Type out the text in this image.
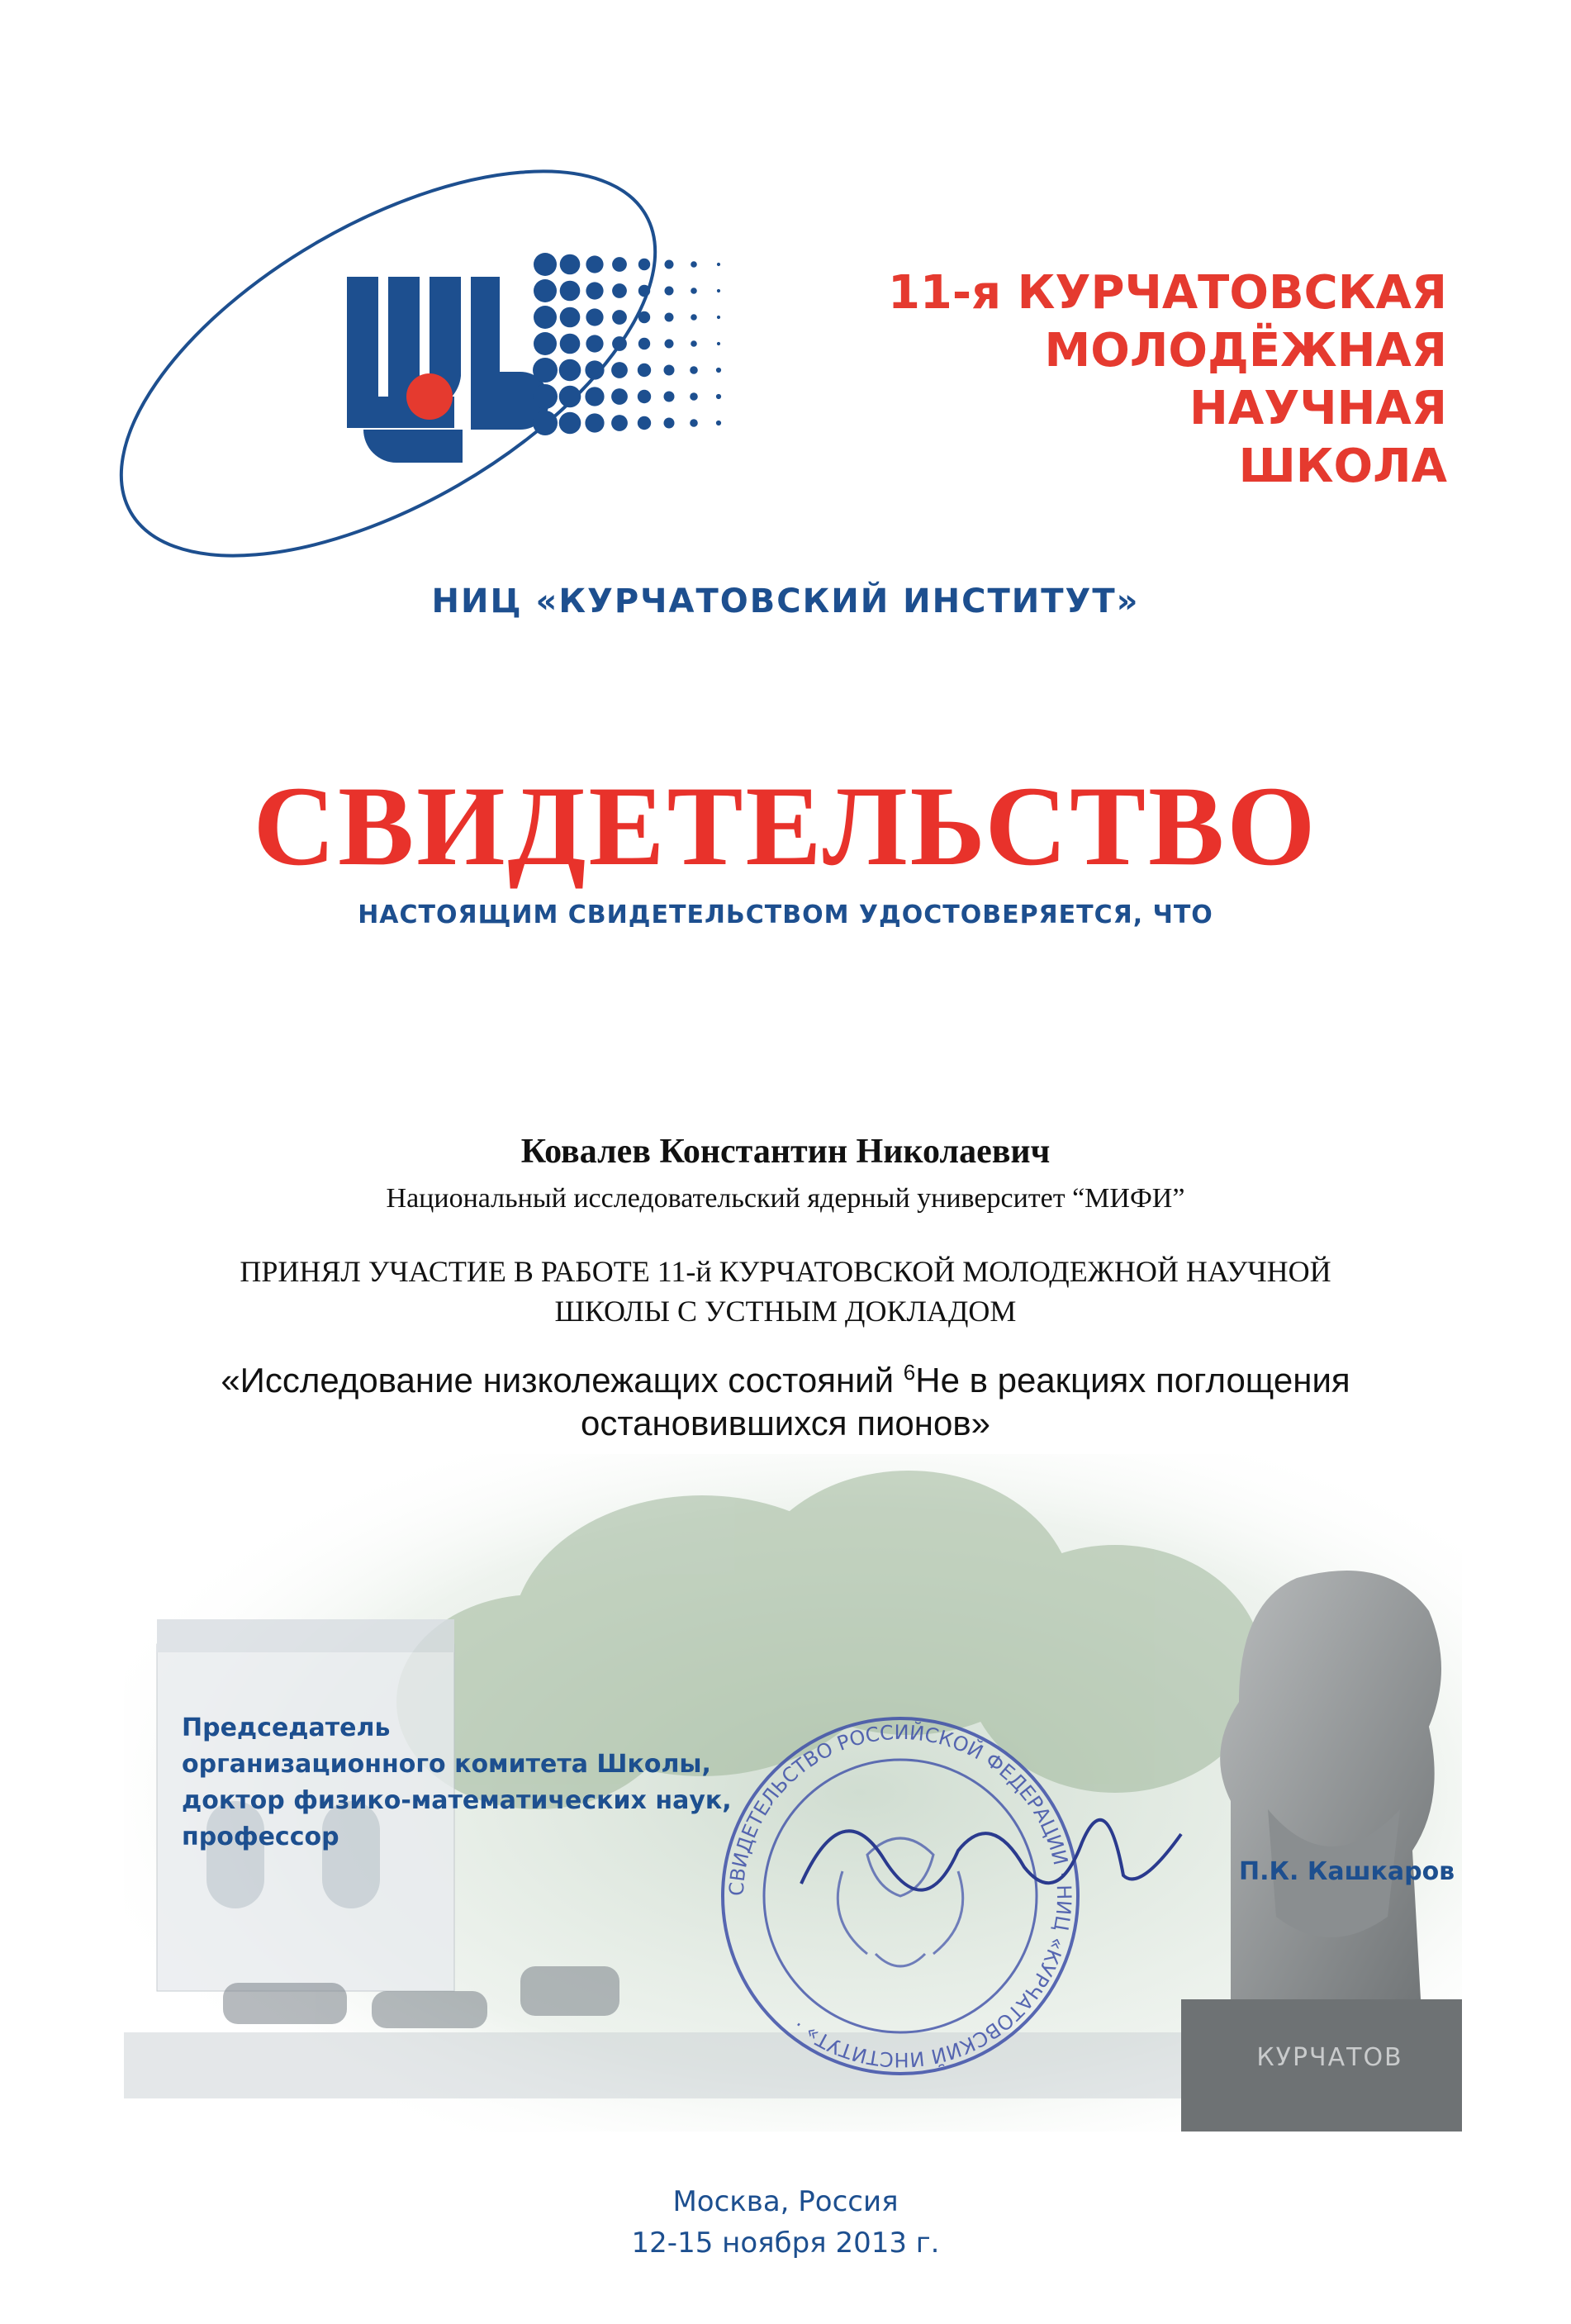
11-я КУРЧАТОВСКАЯ
МОЛОДЁЖНАЯ
НАУЧНАЯ
ШКОЛА
НИЦ «КУРЧАТОВСКИЙ ИНСТИТУТ»
СВИДЕТЕЛЬСТВО
НАСТОЯЩИМ СВИДЕТЕЛЬСТВОМ УДОСТОВЕРЯЕТСЯ, ЧТО
Ковалев Константин Николаевич
Национальный исследовательский ядерный университет “МИФИ”
ПРИНЯЛ УЧАСТИЕ В РАБОТЕ 11-й КУРЧАТОВСКОЙ МОЛОДЕЖНОЙ НАУЧНОЙ
ШКОЛЫ С УСТНЫМ ДОКЛАДОМ
«Исследование низколежащих состояний $^6$Не в реакциях поглощения
остановившихся пионов»
КУРЧАТОВ
СВИДЕТЕЛЬСТВО РОССИЙСКОЙ ФЕДЕРАЦИИ · НИЦ «КУРЧАТОВСКИЙ ИНСТИТУТ» ·
Председатель
организационного комитета Школы,
доктор физико-математических наук,
профессор
П.К. Кашкаров
Москва, Россия
12-15 ноября 2013 г.
